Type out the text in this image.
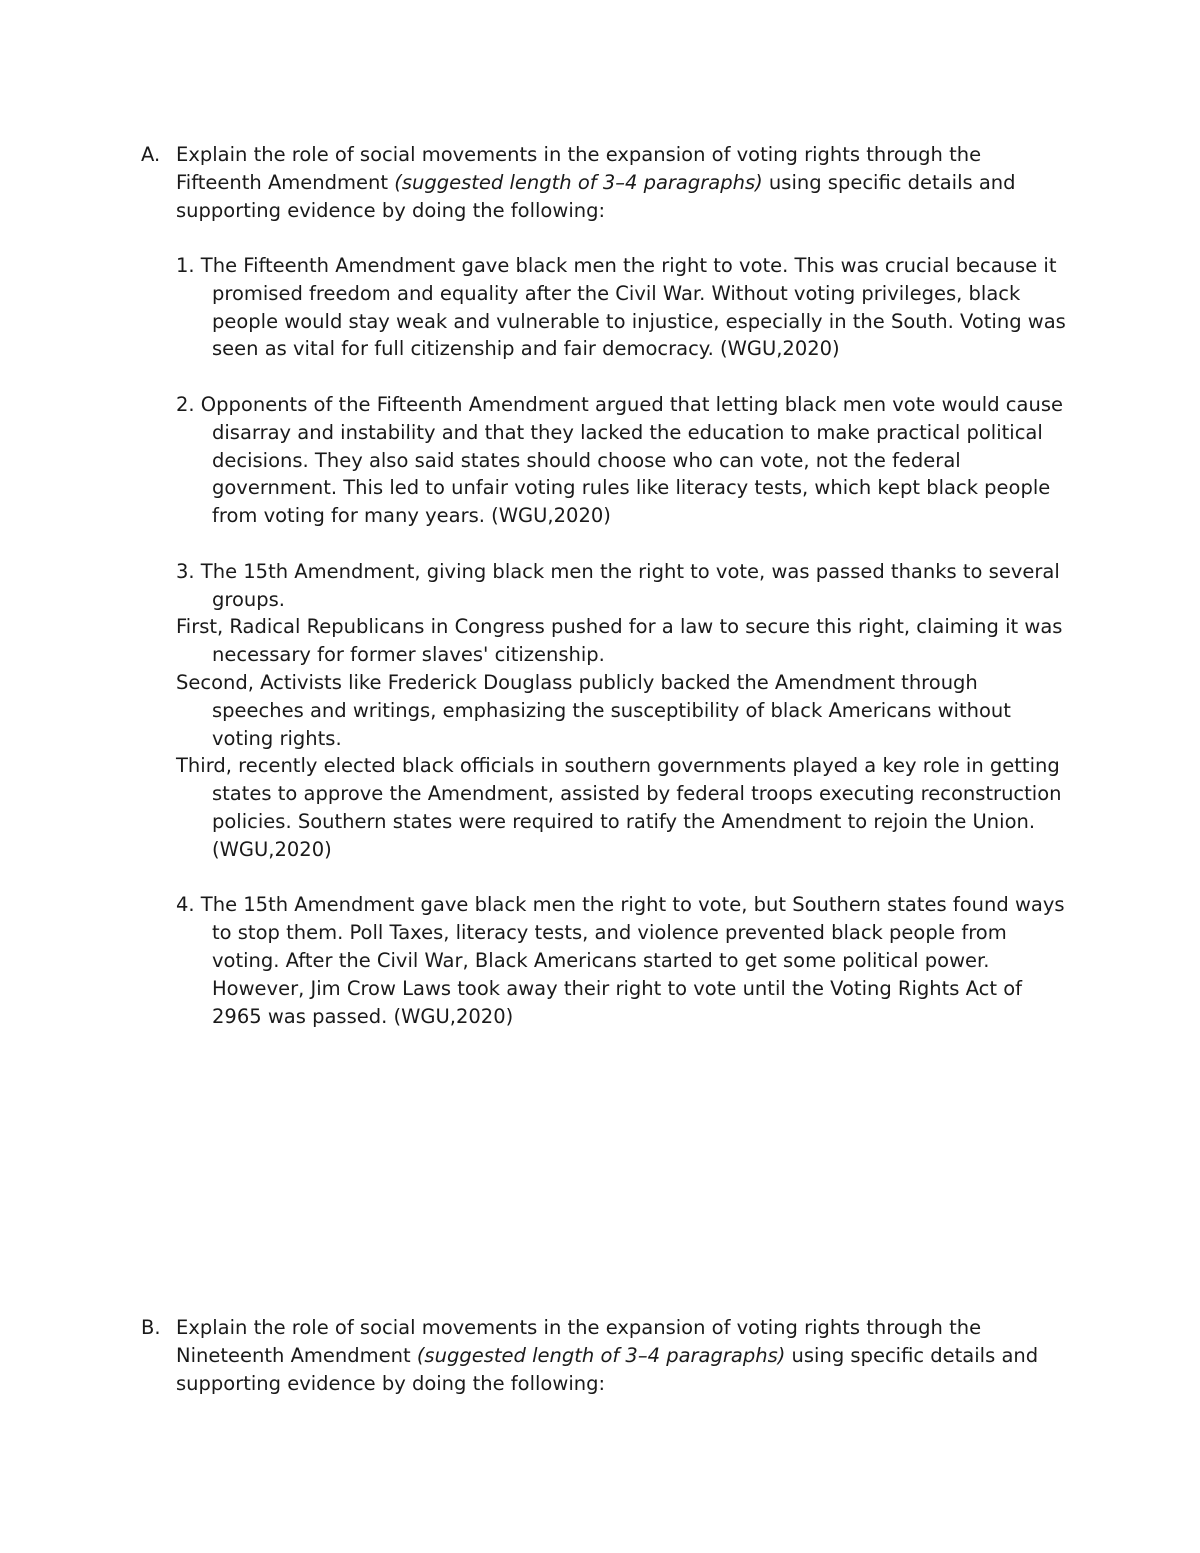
A. Explain the role of social movements in the expansion of voting rights through the Fifteenth Amendment (suggested length of 3–4 paragraphs) using specific details and supporting evidence by doing the following:

1. The Fifteenth Amendment gave black men the right to vote. This was crucial because it promised freedom and equality after the Civil War. Without voting privileges, black people would stay weak and vulnerable to injustice, especially in the South. Voting was seen as vital for full citizenship and fair democracy. (WGU,2020)

2. Opponents of the Fifteenth Amendment argued that letting black men vote would cause disarray and instability and that they lacked the education to make practical political decisions. They also said states should choose who can vote, not the federal government. This led to unfair voting rules like literacy tests, which kept black people from voting for many years. (WGU,2020)

3. The 15th Amendment, giving black men the right to vote, was passed thanks to several groups.

First, Radical Republicans in Congress pushed for a law to secure this right, claiming it was necessary for former slaves' citizenship.

Second, Activists like Frederick Douglass publicly backed the Amendment through speeches and writings, emphasizing the susceptibility of black Americans without voting rights.

Third, recently elected black officials in southern governments played a key role in getting states to approve the Amendment, assisted by federal troops executing reconstruction policies. Southern states were required to ratify the Amendment to rejoin the Union. (WGU,2020)

4. The 15th Amendment gave black men the right to vote, but Southern states found ways to stop them. Poll Taxes, literacy tests, and violence prevented black people from voting. After the Civil War, Black Americans started to get some political power. However, Jim Crow Laws took away their right to vote until the Voting Rights Act of 2965 was passed. (WGU,2020)

B. Explain the role of social movements in the expansion of voting rights through the Nineteenth Amendment (suggested length of 3–4 paragraphs) using specific details and supporting evidence by doing the following:
